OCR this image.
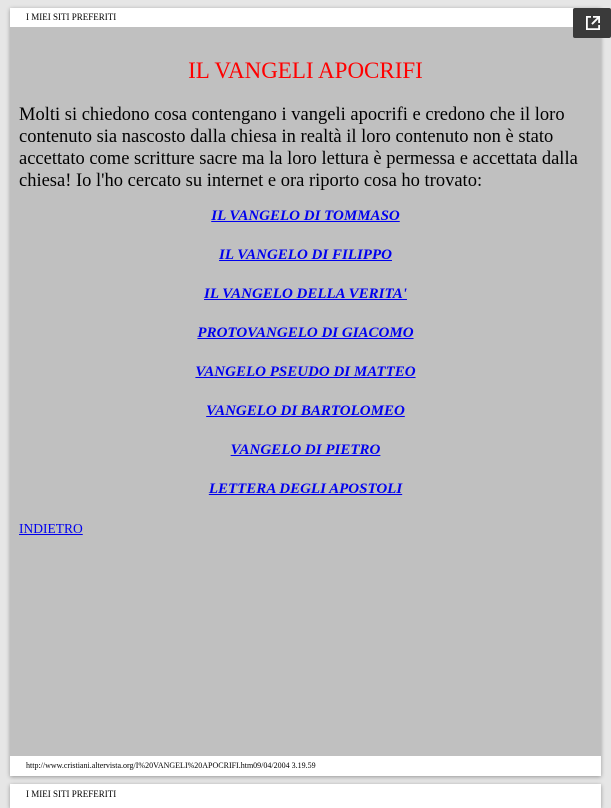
I MIEI SITI PREFERITI
IL VANGELI APOCRIFI
Molti si chiedono cosa contengano i vangeli apocrifi e credono che il loro contenuto sia nascosto dalla chiesa in realtà il loro contenuto non è stato accettato come scritture sacre ma la loro lettura è permessa e accettata dalla chiesa! Io l'ho cercato su internet e ora riporto cosa ho trovato:
IL VANGELO DI TOMMASO
IL VANGELO DI FILIPPO
IL VANGELO DELLA VERITA'
PROTOVANGELO DI GIACOMO
VANGELO PSEUDO DI MATTEO
VANGELO DI BARTOLOMEO
VANGELO DI PIETRO
LETTERA DEGLI APOSTOLI
INDIETRO
http://www.cristiani.altervista.org/I%20VANGELI%20APOCRIFI.htm09/04/2004 3.19.59
I MIEI SITI PREFERITI
